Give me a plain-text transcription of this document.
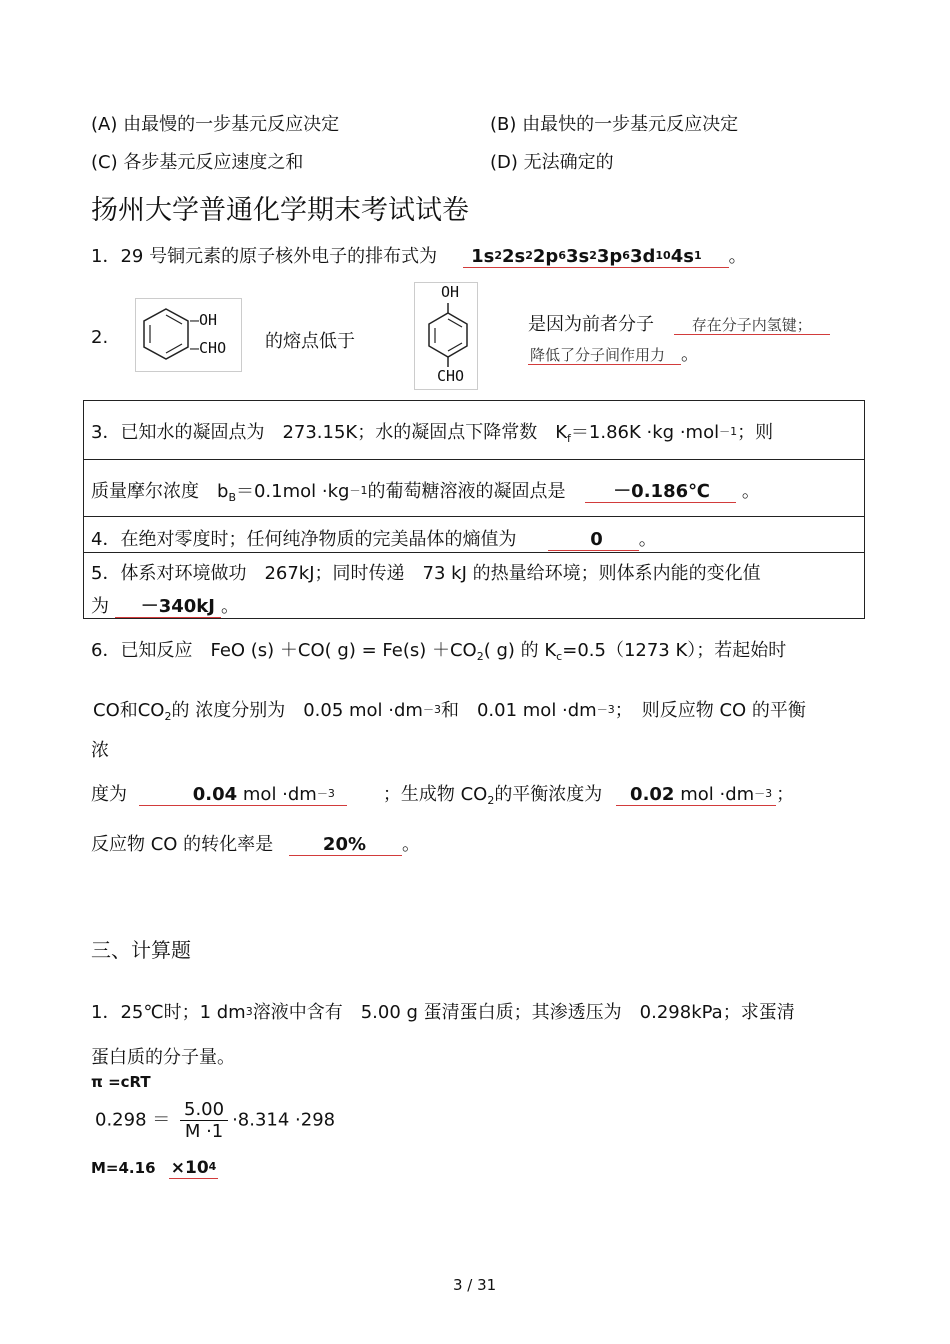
(A) 由最慢的一步基元反应决定	(B) 由最快的一步基元反应决定
(C) 各步基元反应速度之和	(D) 无法确定的
扬州大学普通化学期末考试试卷
1．29 号铜元素的原子核外电子的排布式为  $1s^22s^22p^63s^23p^63d^{10}4s^1$ 。
2.
—OH
—CHO 的熔点低于
OH
CHO
是因为前者分子	存在分子内氢键；
降低了分子间作用力 。
3．已知水的凝固点为　273.15K；水的凝固点下降常数　$K_f=1.86K \cdot kg \cdot mol^{-1}$；则
质量摩尔浓度　$b_B=0.1mol \cdot kg^{-1}$的葡萄糖溶液的凝固点是	－0.186℃ 。
4．在绝对零度时；任何纯净物质的完美晶体的熵值为	0 。
5．体系对环境做功　267kJ；同时传递　73 kJ 的热量给环境；则体系内能的变化值
为 －340kJ 。
6．已知反应　FeO (s) ＋CO( $g) = Fe(s) +CO_2$( g) 的 $K_c=0.5(1273$ K）；若起始时
CO和$CO_2$的 浓度分别为　0.05 mol $\cdot dm^{-3}$和　0.01 mol $\cdot dm^{-3}$；　则反应物 CO 的平衡
浓
度为	0.04 mol $\cdot dm^{-3}$	；生成物 $CO_2$的平衡浓度为 0.02 mol $\cdot dm^{-3}$ ；
反应物 CO 的转化率是	20% 。
三、计算题
1．25℃时；1 $dm^3$溶液中含有　5.00 g 蛋清蛋白质；其渗透压为　0.298kPa；求蛋清
蛋白质的分子量。
π =cRT
$0.298 = \frac{5.00}{M \cdot 1} \cdot 8.314 \cdot 298$
$M=4.16 \times 10^4$
3 / 31
